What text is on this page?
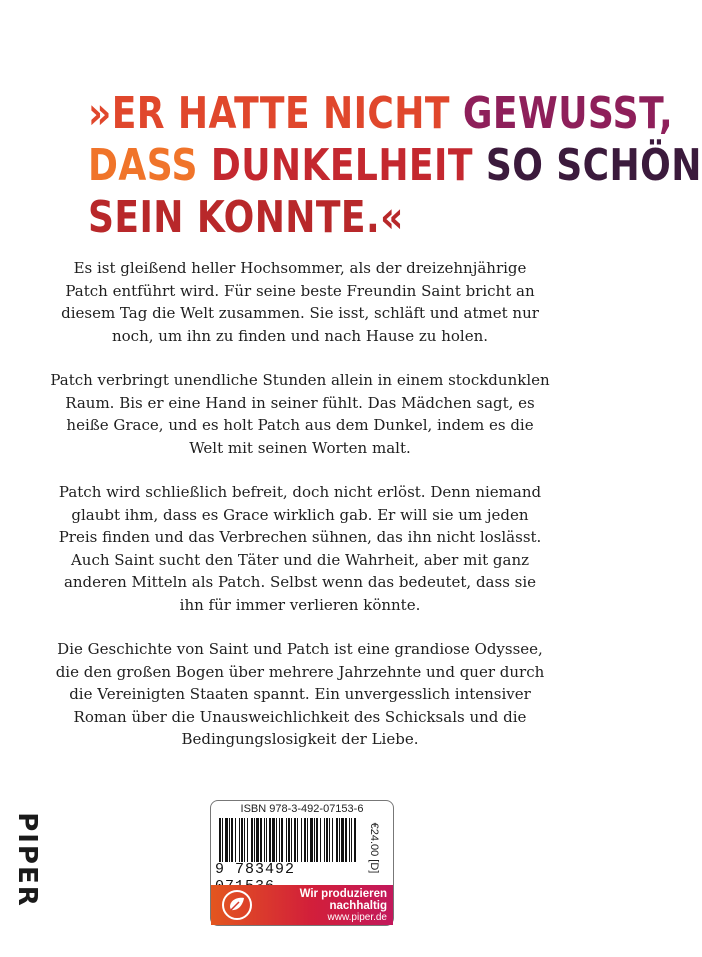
»ER HATTE NICHT GEWUSST,
DASS DUNKELHEIT SO SCHÖN
SEIN KONNTE.«

Es ist gleißend heller Hochsommer, als der dreizehnjährige Patch entführt wird. Für seine beste Freundin Saint bricht an diesem Tag die Welt zusammen. Sie isst, schläft und atmet nur noch, um ihn zu finden und nach Hause zu holen.

Patch verbringt unendliche Stunden allein in einem stockdunklen Raum. Bis er eine Hand in seiner fühlt. Das Mädchen sagt, es heiße Grace, und es holt Patch aus dem Dunkel, indem es die Welt mit seinen Worten malt.

Patch wird schließlich befreit, doch nicht erlöst. Denn niemand glaubt ihm, dass es Grace wirklich gab. Er will sie um jeden Preis finden und das Verbrechen sühnen, das ihn nicht loslässt. Auch Saint sucht den Täter und die Wahrheit, aber mit ganz anderen Mitteln als Patch. Selbst wenn das bedeutet, dass sie ihn für immer verlieren könnte.

Die Geschichte von Saint und Patch ist eine grandiose Odyssee, die den großen Bogen über mehrere Jahrzehnte und quer durch die Vereinigten Staaten spannt. Ein unvergesslich intensiver Roman über die Unausweichlichkeit des Schicksals und die Bedingungslosigkeit der Liebe.

PIPER
ISBN 978-3-492-07153-6
9 783492	€24.00 [D]
Wir produzieren
nachhaltig
www.piper.de
